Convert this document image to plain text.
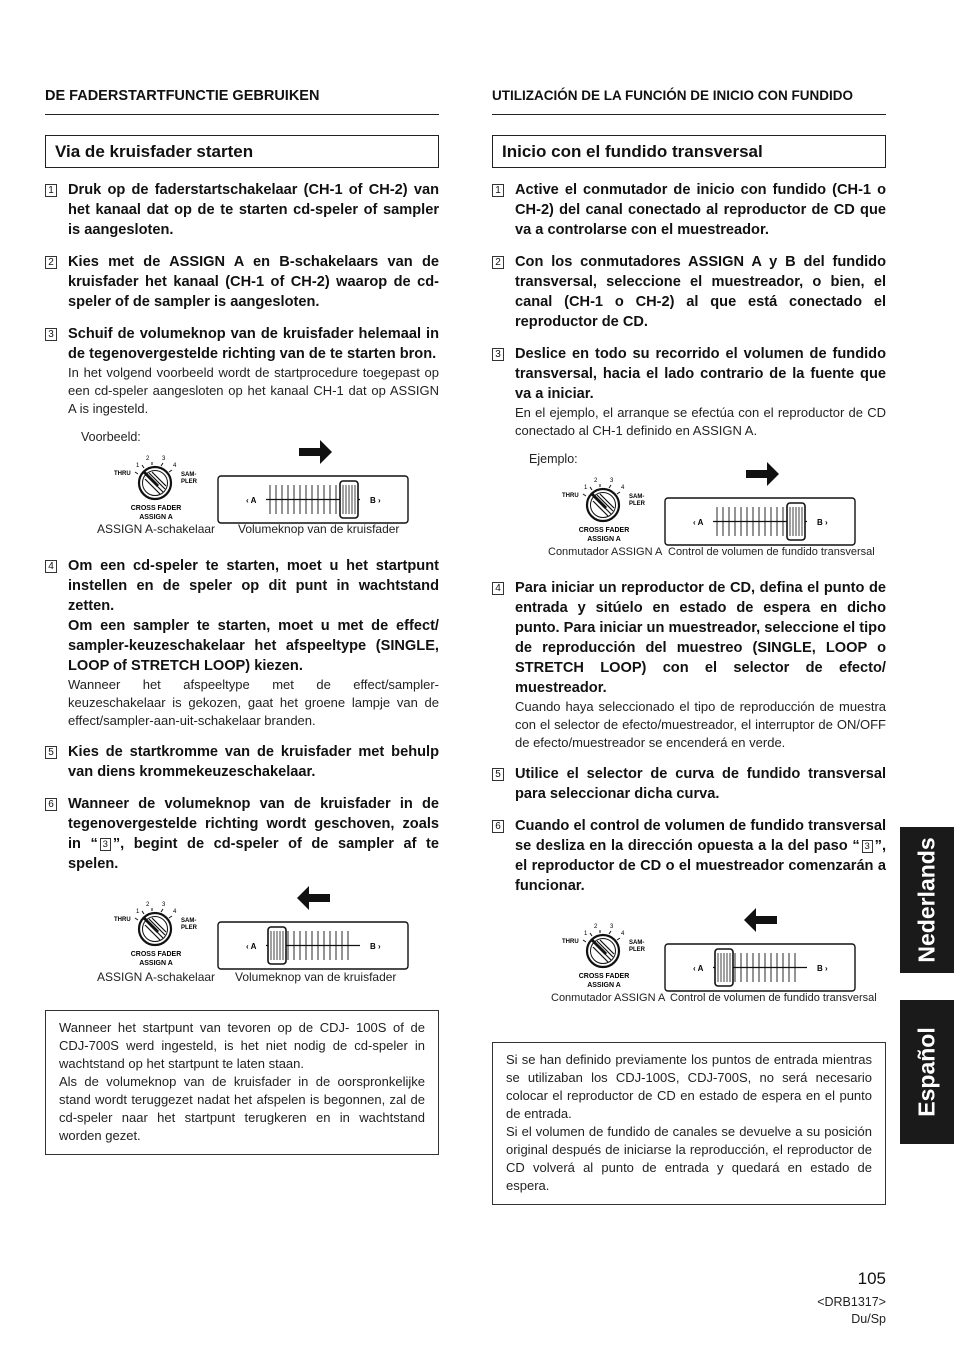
DE FADERSTARTFUNCTIE GEBRUIKEN
Via de kruisfader starten
1 Druk op de faderstartschakelaar (CH-1 of CH-2) van het kanaal dat op de te starten cd-speler of sampler is aangesloten.
2 Kies met de ASSIGN A en B-schakelaars van de kruisfader het kanaal (CH-1 of CH-2) waarop de cd-speler of de sampler is aangesloten.
3 Schuif de volumeknop van de kruisfader helemaal in de tegenovergestelde richting van de te starten bron.
In het volgend voorbeeld wordt de startprocedure toegepast op een cd-speler aangesloten op het kanaal CH-1 dat op ASSIGN A is ingesteld.
Voorbeeld:
1
2 3
4
THRU	SAM-
PLER
CROSS FADER
ASSIGN A
‹ A	B ›
ASSIGN A-schakelaar Volumeknop van de kruisfader
4 Om een cd-speler te starten, moet u het startpunt instellen en de speler op dit punt in wachtstand zetten.
Om een sampler te starten, moet u met de effect/ sampler-keuzeschakelaar het afspeeltype (SINGLE, LOOP of STRETCH LOOP) kiezen.
Wanneer het afspeeltype met de effect/sampler-keuzeschakelaar is gekozen, gaat het groene lampje van de effect/sampler-aan-uit-schakelaar branden.
5 Kies de startkromme van de kruisfader met behulp van diens krommekeuzeschakelaar.
6 Wanneer de volumeknop van de kruisfader in de tegenovergestelde richting wordt geschoven, zoals in “ 3 ”, begint de cd-speler of de sampler af te spelen.
1
2 3
4
THRU	SAM-
PLER
CROSS FADER
ASSIGN A
‹ A	B ›
ASSIGN A-schakelaar Volumeknop van de kruisfader
Wanneer het startpunt van tevoren op de CDJ- 100S of de CDJ-700S werd ingesteld, is het niet nodig de cd-speler in wachtstand op het startpunt te laten staan.
Als de volumeknop van de kruisfader in de oorspronkelijke stand wordt teruggezet nadat het afspelen is begonnen, zal de cd-speler naar het startpunt terugkeren en in wachtstand worden gezet.
UTILIZACIÓN DE LA FUNCIÓN DE INICIO CON FUNDIDO
Inicio con el fundido transversal
1 Active el conmutador de inicio con fundido (CH-1 o CH-2) del canal conectado al reproductor de CD que va a controlarse con el muestreador.
2 Con los conmutadores ASSIGN A y B del fundido transversal, seleccione el muestreador, o bien, el canal (CH-1 o CH-2) al que está conectado el reproductor de CD.
3 Deslice en todo su recorrido el volumen de fundido transversal, hacia el lado contrario de la fuente que va a iniciar.
En el ejemplo, el arranque se efectúa con el reproductor de CD conectado al CH-1 definido en ASSIGN A.
Ejemplo:
1
2 3
4
THRU	SAM-
PLER
CROSS FADER
ASSIGN A
‹ A	B ›
Conmutador ASSIGN A Control de volumen de fundido transversal
4 Para iniciar un reproductor de CD, defina el punto de entrada y sitúelo en estado de espera en dicho punto. Para iniciar un muestreador, seleccione el tipo de reproducción del muestreo (SINGLE, LOOP o STRETCH LOOP) con el selector de efecto/ muestreador.
Cuando haya seleccionado el tipo de reproducción de muestra con el selector de efecto/muestreador, el interruptor de ON/OFF de efecto/muestreador se encenderá en verde.
5 Utilice el selector de curva de fundido transversal para seleccionar dicha curva.
6 Cuando el control de volumen de fundido transversal se desliza en la dirección opuesta a la del paso “ 3 ”, el reproductor de CD o el muestreador comenzarán a funcionar.
1
2 3
4
THRU	SAM-
PLER
CROSS FADER
ASSIGN A
‹ A	B ›
Conmutador ASSIGN A Control de volumen de fundido transversal
Si se han definido previamente los puntos de entrada mientras se utilizaban los CDJ-100S, CDJ-700S, no será necesario colocar el reproductor de CD en estado de espera en el punto de entrada.
Si el volumen de fundido de canales se devuelve a su posición original después de iniciarse la reproducción, el reproductor de CD volverá al punto de entrada y quedará en estado de espera.
Nederlands
Español
105
<DRB1317>
Du/Sp
